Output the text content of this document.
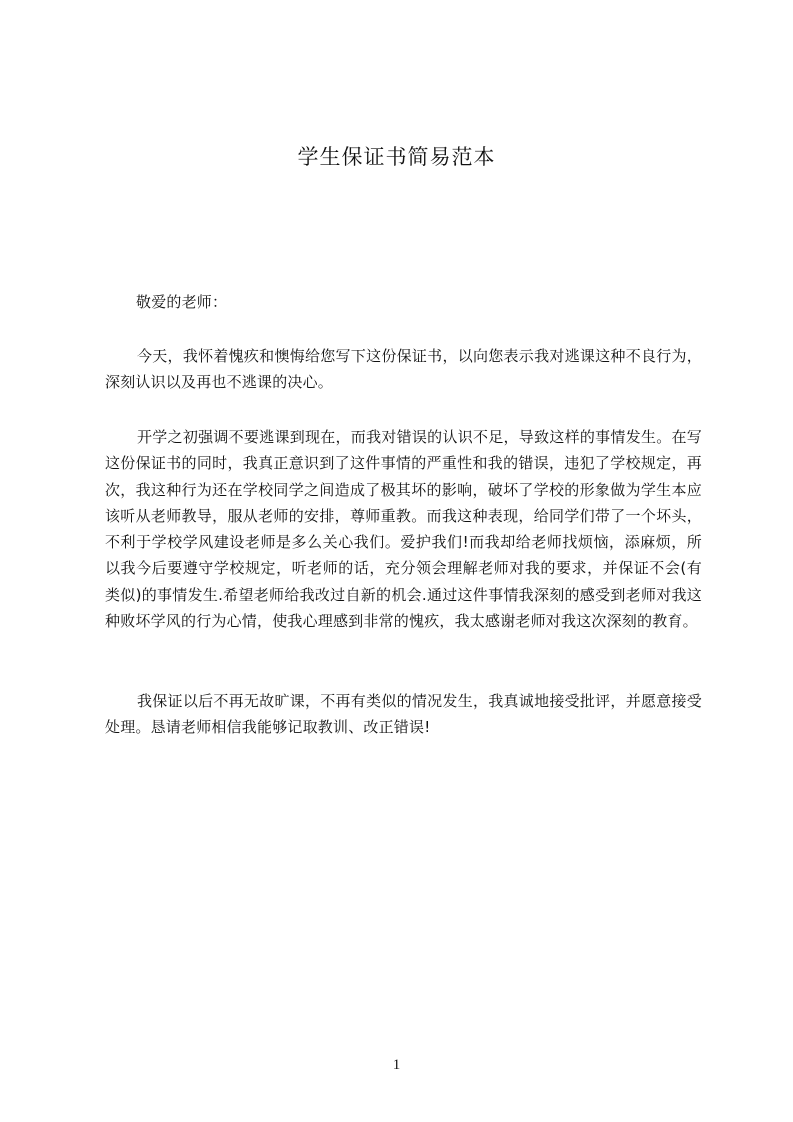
学生保证书简易范本
敬爱的老师：
今天，我怀着愧疚和懊悔给您写下这份保证书，以向您表示我对逃课这种不良行为，深刻认识以及再也不逃课的决心。
开学之初强调不要逃课到现在，而我对错误的认识不足，导致这样的事情发生。在写这份保证书的同时，我真正意识到了这件事情的严重性和我的错误，违犯了学校规定，再次，我这种行为还在学校同学之间造成了极其坏的影响，破坏了学校的形象做为学生本应该听从老师教导，服从老师的安排，尊师重教。而我这种表现，给同学们带了一个坏头，不利于学校学风建设老师是多么关心我们。爱护我们!而我却给老师找烦恼，添麻烦，所以我今后要遵守学校规定，听老师的话，充分领会理解老师对我的要求，并保证不会(有类似)的事情发生.希望老师给我改过自新的机会.通过这件事情我深刻的感受到老师对我这种败坏学风的行为心情，使我心理感到非常的愧疚，我太感谢老师对我这次深刻的教育。
我保证以后不再无故旷课，不再有类似的情况发生，我真诚地接受批评，并愿意接受处理。恳请老师相信我能够记取教训、改正错误!
1
